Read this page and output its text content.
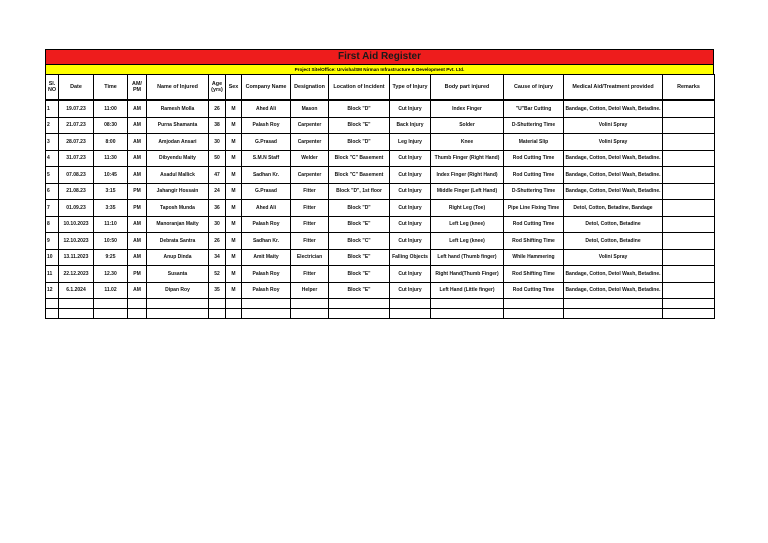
First Aid Register
Project Site/Office: Urvisha/SM Nirman Infrastructure & Development Pvt. Ltd.
Sl. NO	Date	Time	AM/ PM	Name of Injured	Age (yrs)	Sex	Company Name	Designation	Location of Incident	Type of Injury	Body part injured	Cause of injury	Medical Aid/Treatment provided	Remarks
1	19.07.23	11:00	AM	Ramesh Molla	26	M	Ahed Ali	Mason	Block "D"	Cut Injury	Index Finger	"U"Bar Cutting	Bandage, Cotton, Detol Wash, Betadine.	
2	21.07.23	08:30	AM	Purna Shamanta	38	M	Palash Roy	Carpenter	Block "E"	Back Injury	Solder	D-Shuttering Time	Volini Spray	
3	28.07.23	8:00	AM	Amjodan Ansari	30	M	G.Prasad	Carpenter	Block "D"	Leg Injury	Knee	Material Slip	Volini Spray	
4	31.07.23	11:30	AM	Dibyendu Maity	50	M	S.M.N Staff	Welder	Block "C" Basement	Cut Injury	Thumb Finger (Right Hand)	Rod Cutting Time	Bandage, Cotton, Detol Wash, Betadine.	
5	07.08.23	10:45	AM	Asadul Mallick	47	M	Sadhan Kr.	Carpenter	Block "C" Basement	Cut Injury	Index Finger (Right Hand)	Rod Cutting Time	Bandage, Cotton, Detol Wash, Betadine.	
6	21.08.23	3:15	PM	Jahangir Hossain	24	M	G.Prasad	Fitter	Block "D", 1st floor	Cut Injury	Middle Finger (Left Hand)	D-Shuttering Time	Bandage, Cotton, Detol Wash, Betadine.	
7	01.09.23	3:35	PM	Taposh Munda	36	M	Ahed Ali	Fitter	Block "D"	Cut Injury	Right Leg (Toe)	Pipe Line Fixing Time	Detol, Cotton, Betadine, Bandage	
8	10.10.2023	11:10	AM	Manoranjan Maity	30	M	Palash Roy	Fitter	Block "E"	Cut Injury	Left Leg (knee)	Rod Cutting Time	Detol, Cotton, Betadine	
9	12.10.2023	10:50	AM	Debrata Santra	26	M	Sadhan Kr.	Fitter	Block "C"	Cut Injury	Left Leg (knee)	Rod Shifting Time	Detol, Cotton, Betadine	
10	13.11.2023	9:25	AM	Anup Dinda	34	M	Amit Maity	Electrician	Block "E"	Falling Objects	Left hand (Thumb finger)	While Hammering	Volini Spray	
11	22.12.2023	12.30	PM	Susanta	52	M	Palash Roy	Fitter	Block "E"	Cut Injury	Right Hand(Thumb Finger)	Rod Shifting Time	Bandage, Cotton, Detol Wash, Betadine.	
12	6.1.2024	11.02	AM	Dipan Roy	35	M	Palash Roy	Helper	Block "E"	Cut Injury	Left Hand (Little finger)	Rod Cutting Time	Bandage, Cotton, Detol Wash, Betadine.	
